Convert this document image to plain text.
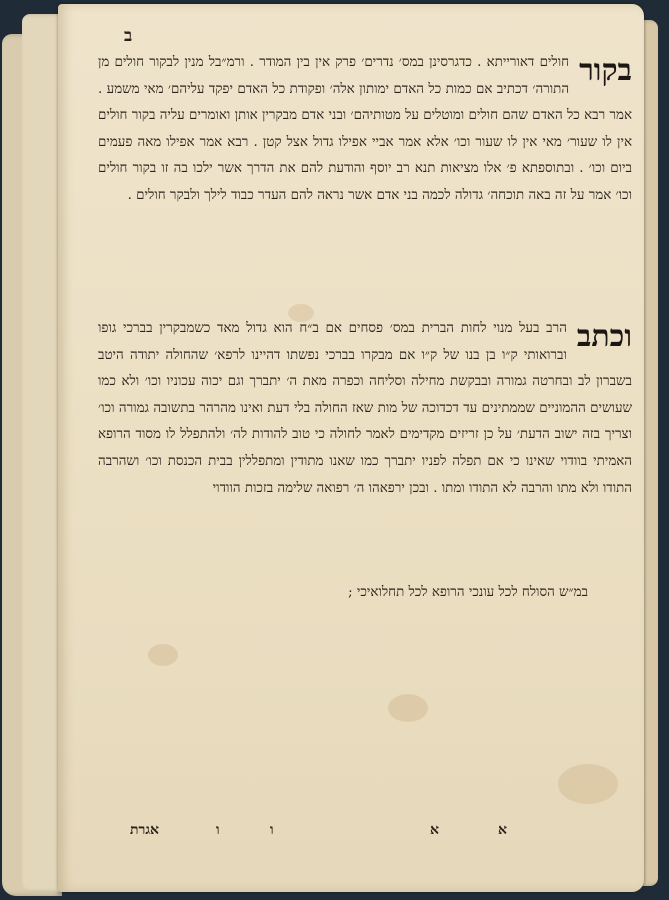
ב
בקור

חולים דאורייתא . כדגרסינן במס׳ נדרים׳ פרק אין בין המודר . ורמ״בל מנין לבקור חולים מן התורה׳ דכתיב אם כמות כל האדם ימותון אלה׳ ופקודת כל האדם יפקד עליהם׳ מאי משמע . אמר רבא כל האדם שהם חולים ומוטלים על מטותיהם׳ ובני אדם מבקרין אותן ואומרים עליה בקור חולים אין לו שעור׳ מאי אין לו שעור וכו׳ אלא אמר אביי אפילו גדול אצל קטן . רבא אמר אפילו מאה פעמים ביום וכו׳ . ובתוספתא פ׳ אלו מציאות תנא רב יוסף והודעת להם את הדרך אשר ילכו בה זו בקור חולים וכו׳ אמר על זה באה תוכחה׳ גדולה לכמה בני אדם אשר נראה להם העדר כבוד לילך ולבקר חולים .

וכתב

הרב בעל מנוי לחות הברית במס׳ פסחים אם ב״ח הוא גדול מאד כשמבקרין בברכי גופו וברואותי ק״ו בן בנו של ק״ו אם מבקרו בברכי נפשתו דהיינו לרפא׳ שהחולה יתודה היטב בשברון לב ובחרטה גמורה ובבקשת מחילה וסליחה וכפרה מאת ה׳ יתברך וגם יכוה עכוניו וכו׳ ולא כמו שעושים ההמוניים שממתינים עד דכדוכה של מות שאז החולה בלי דעת ואינו מהרהר בתשובה גמורה וכו׳ וצריך בזה ישוב הדעת׳ על כן זריזים מקדימים לאמר לחולה כי טוב להודות לה׳ ולהתפלל לו מסוד הרופא האמיתי בוודוי שאינו כי אם תפלה לפניו יתברך כמו שאנו מתודין ומתפללין בבית הכנסת וכו׳ ושהרבה התודו ולא מתו והרבה לא התודו ומתו . ובכן ירפאהו ה׳ רפואה שלימה בזכות הוודוי

במ״ש הסולח לכל עונכי הרופא לכל תחלואיכי ;
א
א
ו
ו
אגרת
